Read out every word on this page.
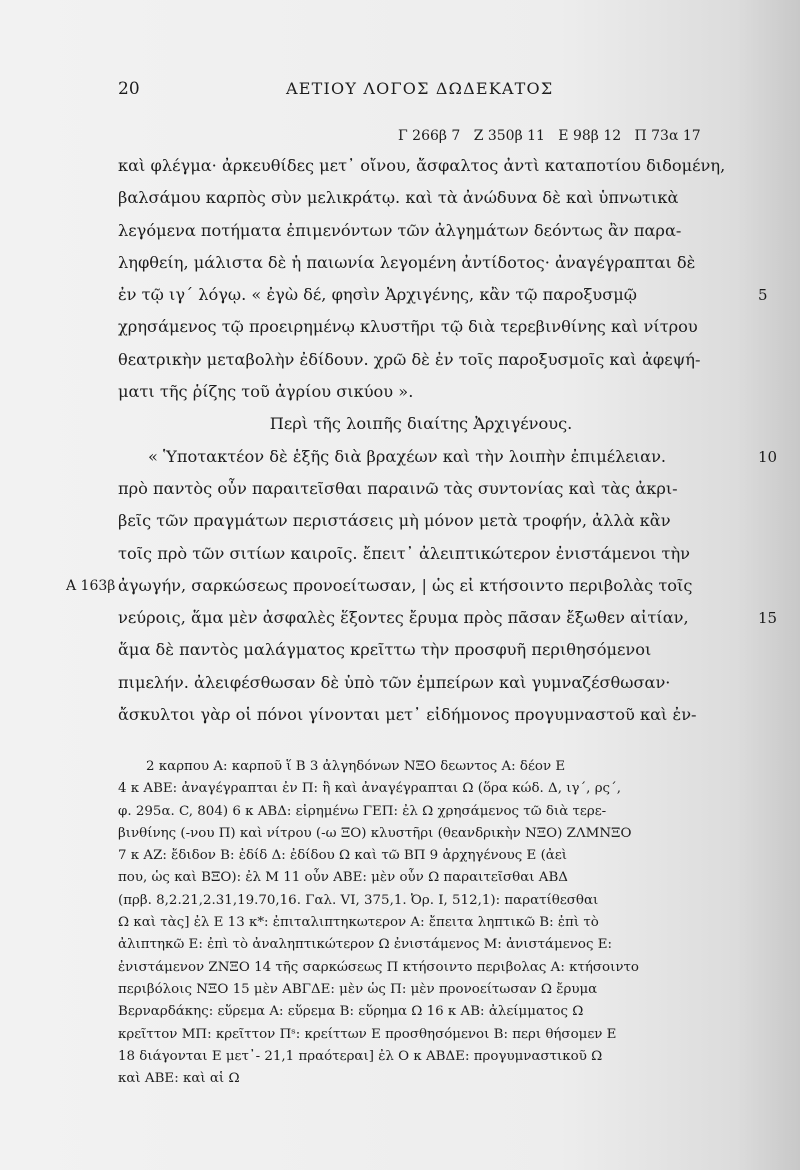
20	ΑΕΤΙΟΥ ΛΟΓΟΣ ΔΩΔΕΚΑΤΟΣ
Γ 266β 7   Ζ 350β 11   Ε 98β 12   Π 73α 17
καὶ φλέγμα· ἀρκευθίδες μετ᾽ οἴνου, ἄσφαλτος ἀντὶ καταποτίου διδομένη,
βαλσάμου καρπὸς σὺν μελικράτῳ. καὶ τὰ ἀνώδυνα δὲ καὶ ὑπνωτικὰ
λεγόμενα ποτήματα ἐπιμενόντων τῶν ἀλγημάτων δεόντως ἂν παρα-
ληφθείη, μάλιστα δὲ ἡ παιωνία λεγομένη ἀντίδοτος· ἀναγέγραπται δὲ
ἐν τῷ ιγ´ λόγῳ. « ἐγὼ δέ, φησὶν Ἀρχιγένης, κἂν τῷ παροξυσμῷ	5
χρησάμενος τῷ προειρημένῳ κλυστῆρι τῷ διὰ τερεβινθίνης καὶ νίτρου
θεατρικὴν μεταβολὴν ἐδίδουν. χρῶ δὲ ἐν τοῖς παροξυσμοῖς καὶ ἀφεψή-
ματι τῆς ῥίζης τοῦ ἀγρίου σικύου ».
Περὶ τῆς λοιπῆς διαίτης Ἀρχιγένους.
« Ὑποτακτέον δὲ ἑξῆς διὰ βραχέων καὶ τὴν λοιπὴν ἐπιμέλειαν.	10
πρὸ παντὸς οὖν παραιτεῖσθαι παραινῶ τὰς συντονίας καὶ τὰς ἀκρι-
βεῖς τῶν πραγμάτων περιστάσεις μὴ μόνον μετὰ τροφήν, ἀλλὰ κἂν
τοῖς πρὸ τῶν σιτίων καιροῖς. ἔπειτ᾽ ἀλειπτικώτερον ἐνιστάμενοι τὴν
Α 163β ἀγωγήν, σαρκώσεως προνοείτωσαν, | ὡς εἰ κτήσοιντο περιβολὰς τοῖς
νεύροις, ἅμα μὲν ἀσφαλὲς ἕξοντες ἔρυμα πρὸς πᾶσαν ἔξωθεν αἰτίαν,	15
ἅμα δὲ παντὸς μαλάγματος κρεῖττω τὴν προσφυῆ περιθησόμενοι
πιμελήν. ἀλειφέσθωσαν δὲ ὑπὸ τῶν ἐμπείρων καὶ γυμναζέσθωσαν·
ἄσκυλτοι γὰρ οἱ πόνοι γίνονται μετ᾽ εἰδήμονος προγυμναστοῦ καὶ ἐν-
2 καρπου Α: καρποῦ ἵ Β 3 ἀλγηδόνων ΝΞΟ δεωντος Α: δέον Ε
4 κ ΑΒΕ: ἀναγέγραπται ἐν Π: ἣ καὶ ἀναγέγραπται Ω (ὅρα κώδ. Δ, ιγ´, ρς´,
φ. 295α. C, 804) 6 κ ΑΒΔ: εἰρημένω ΓΕΠ: ἐλ Ω χρησάμενος τῶ διὰ τερε-
βινθίνης (-νου Π) καὶ νίτρου (-ω ΞΟ) κλυστῆρι (θεανδρικὴν ΝΞΟ) ΖΛΜΝΞΟ
7 κ ΑΖ: ἔδιδον Β: ἐδίδ Δ: ἐδίδου Ω καὶ τῶ ΒΠ 9 ἀρχηγένους Ε (ἀεὶ
που, ὡς καὶ ΒΞΟ): ἐλ Μ 11 οὖν ΑΒΕ: μὲν οὖν Ω παραιτεῖσθαι ΑΒΔ
(πρβ. 8,2.21,2.31,19.70,16. Γαλ. VI, 375,1. Ὀρ. I, 512,1): παρατίθεσθαι
Ω καὶ τὰς] ἐλ Ε 13 κ*: ἐπιταλιπτηκωτερον Α: ἔπειτα ληπτικῶ Β: ἐπὶ τὸ
ἀλιπτηκῶ Ε: ἐπὶ τὸ ἀναληπτικώτερον Ω ἐνιστάμενος Μ: ἀνιστάμενος Ε:
ἐνιστάμενον ΖΝΞΟ 14 τῆς σαρκώσεως Π κτήσοιντο περιβολας Α: κτήσοιντο
περιβόλοις ΝΞΟ 15 μὲν ΑΒΓΔΕ: μὲν ὡς Π: μὲν προνοείτωσαν Ω ἔρυμα
Βερναρδάκης: εὕρεμα Α: εὕρεμα Β: εὕρημα Ω 16 κ ΑΒ: ἀλείμματος Ω
κρεῖττον ΜΠ: κρεῖττον Πˢ: κρείττων Ε προσθησόμενοι Β: περι θήσομεν Ε
18 διάγονται Ε μετ᾽- 21,1 πραότεραι] ἐλ Ο κ ΑΒΔΕ: προγυμναστικοῦ Ω
καὶ ΑΒΕ: καὶ αἱ Ω
